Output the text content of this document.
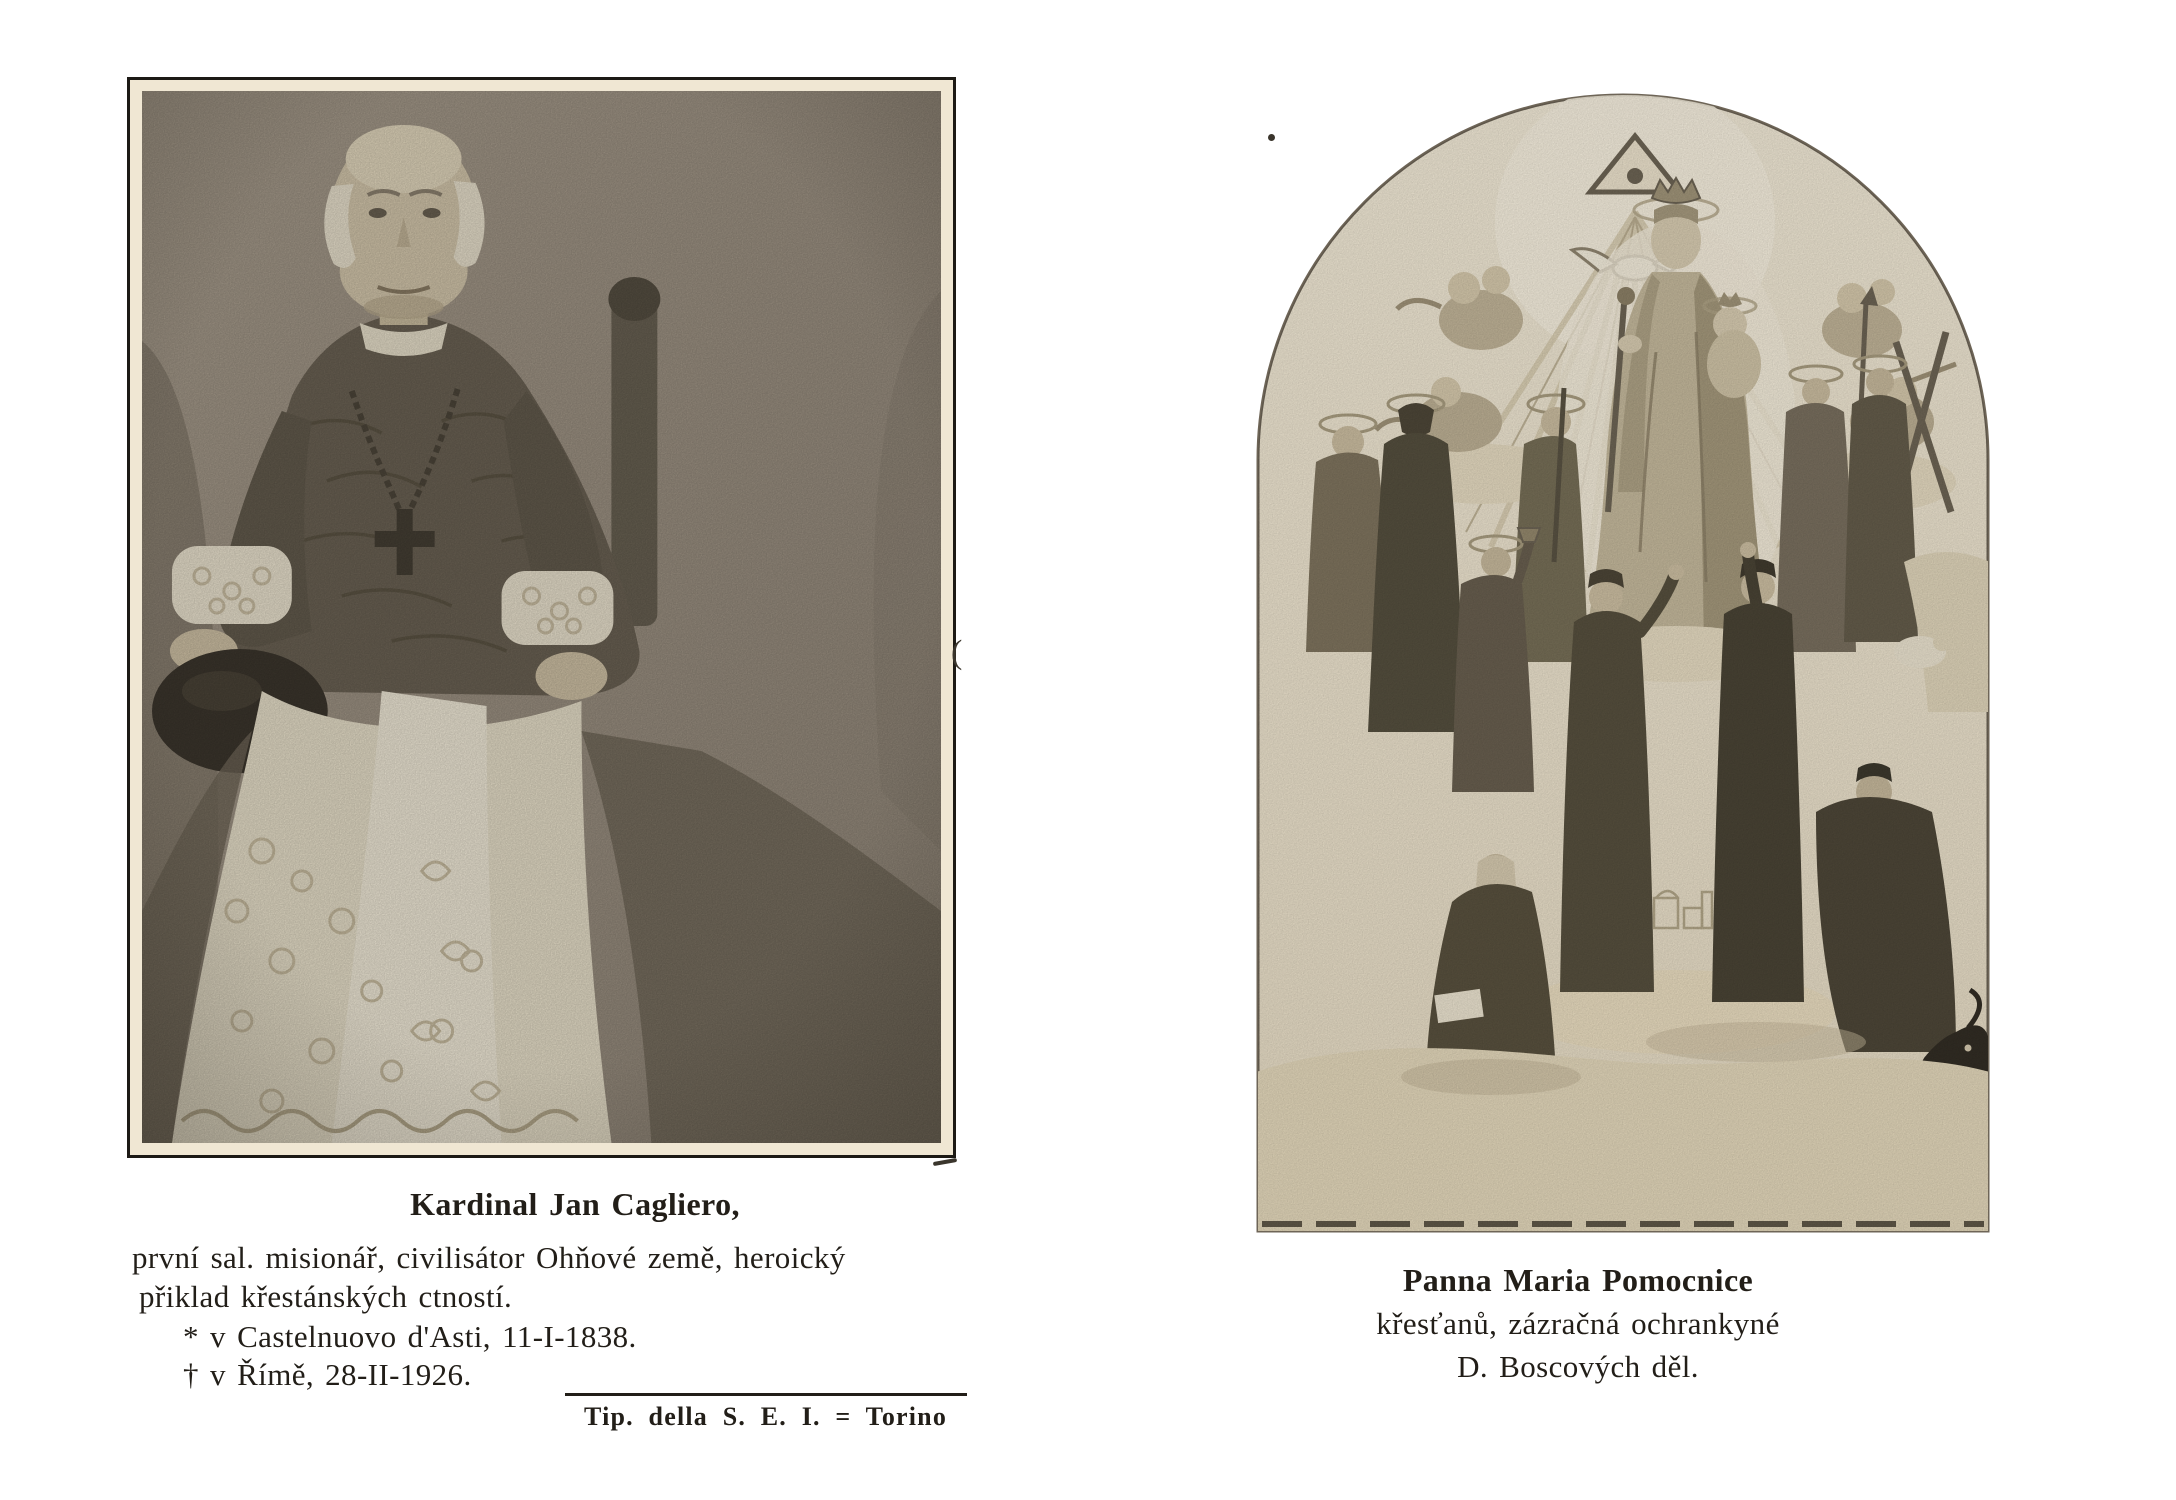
Kardinal Jan Cagliero,
první sal. misionář, civilisátor Ohňové země, heroický
přiklad křestánských ctností.
* v Castelnuovo d'Asti, 11-I-1838.
† v Římě, 28-II-1926.
Tip. della S. E. I. = Torino
Panna Maria Pomocnice
křesťanů, zázračná ochrankyné
D. Boscových děl.
(
